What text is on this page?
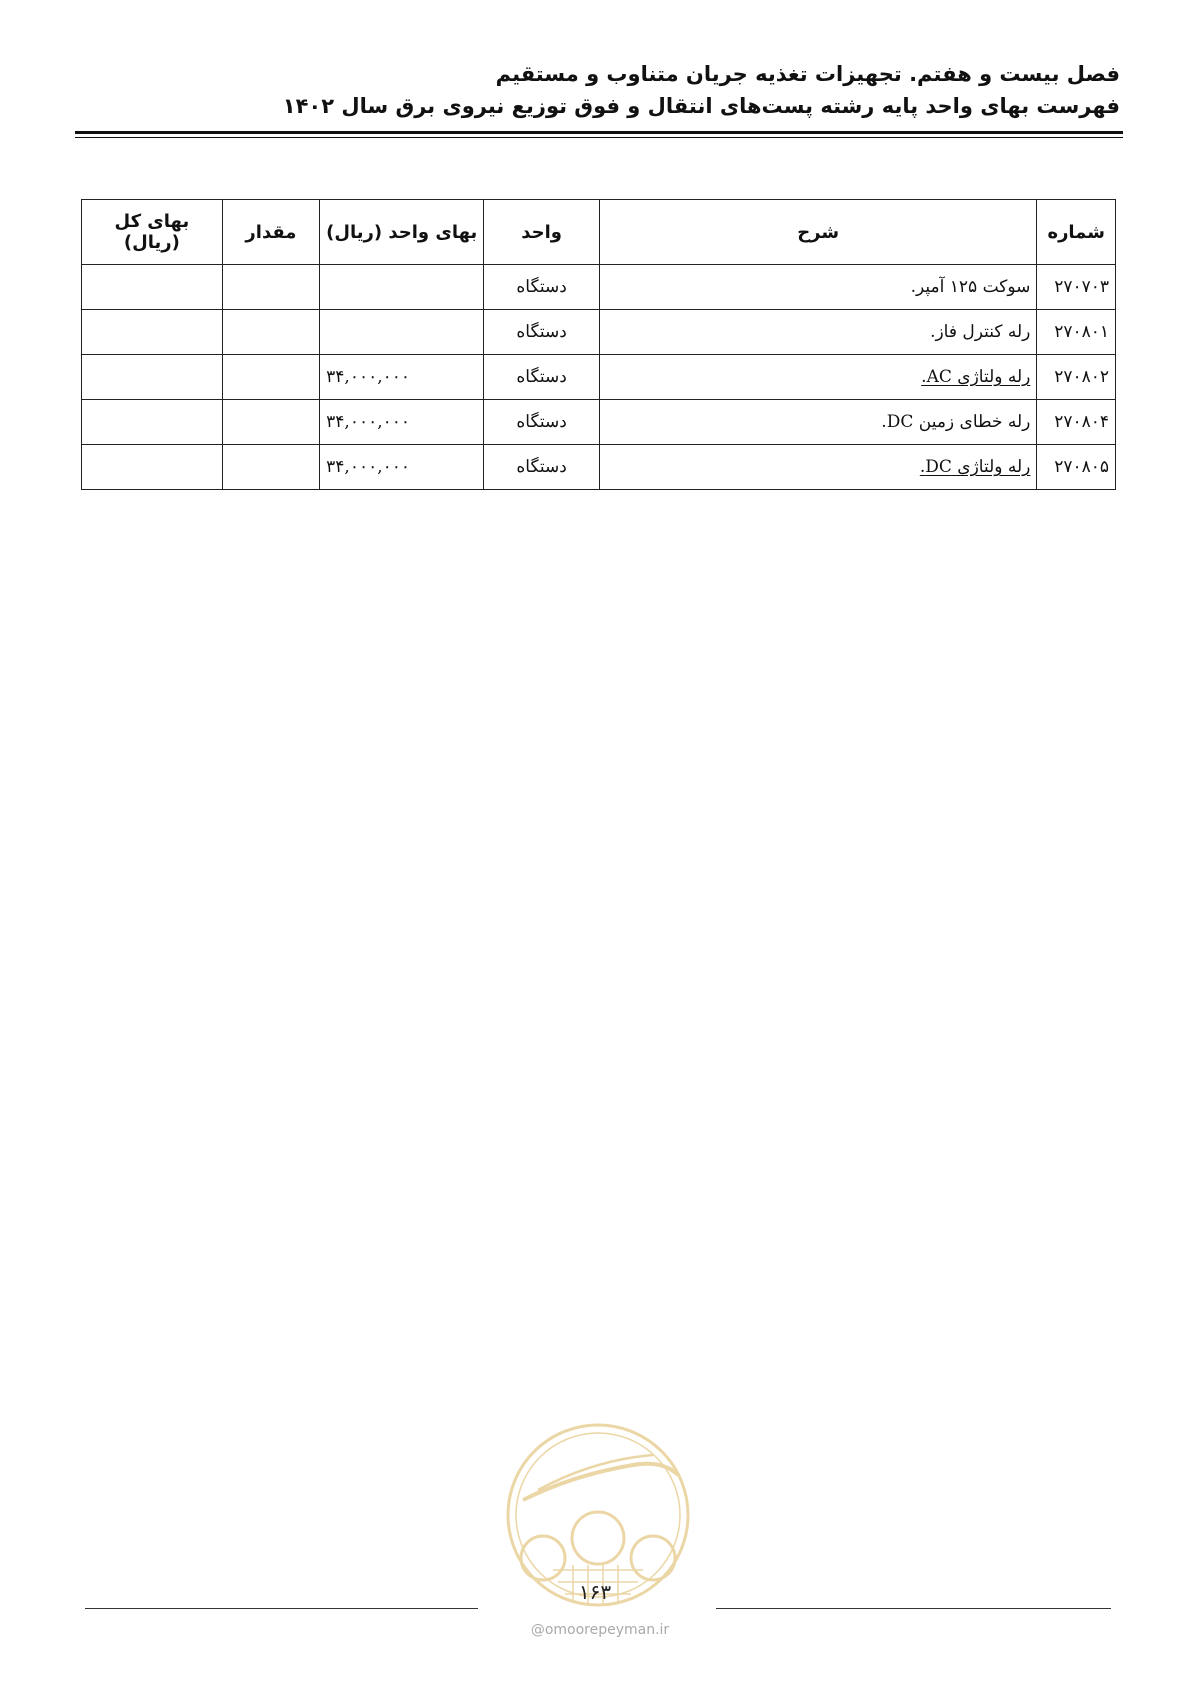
فصل بیست و هفتم. تجهیزات تغذیه جریان متناوب و مستقیم
فهرست بهای واحد پایه رشته پست‌های انتقال و فوق توزیع نیروی برق سال ۱۴۰۲
شماره	شرح	واحد	بهای واحد (ریال)	مقدار	بهای کل (ریال)
۲۷۰۷۰۳	سوکت ۱۲۵ آمپر.	دستگاه			
۲۷۰۸۰۱	رله کنترل فاز.	دستگاه			
۲۷۰۸۰۲	رله ولتاژی AC.	دستگاه	۳۴,۰۰۰,۰۰۰		
۲۷۰۸۰۴	رله خطای زمین DC.	دستگاه	۳۴,۰۰۰,۰۰۰		
۲۷۰۸۰۵	رله ولتاژی DC.	دستگاه	۳۴,۰۰۰,۰۰۰		
۱۶۳
@omoorepeyman.ir
